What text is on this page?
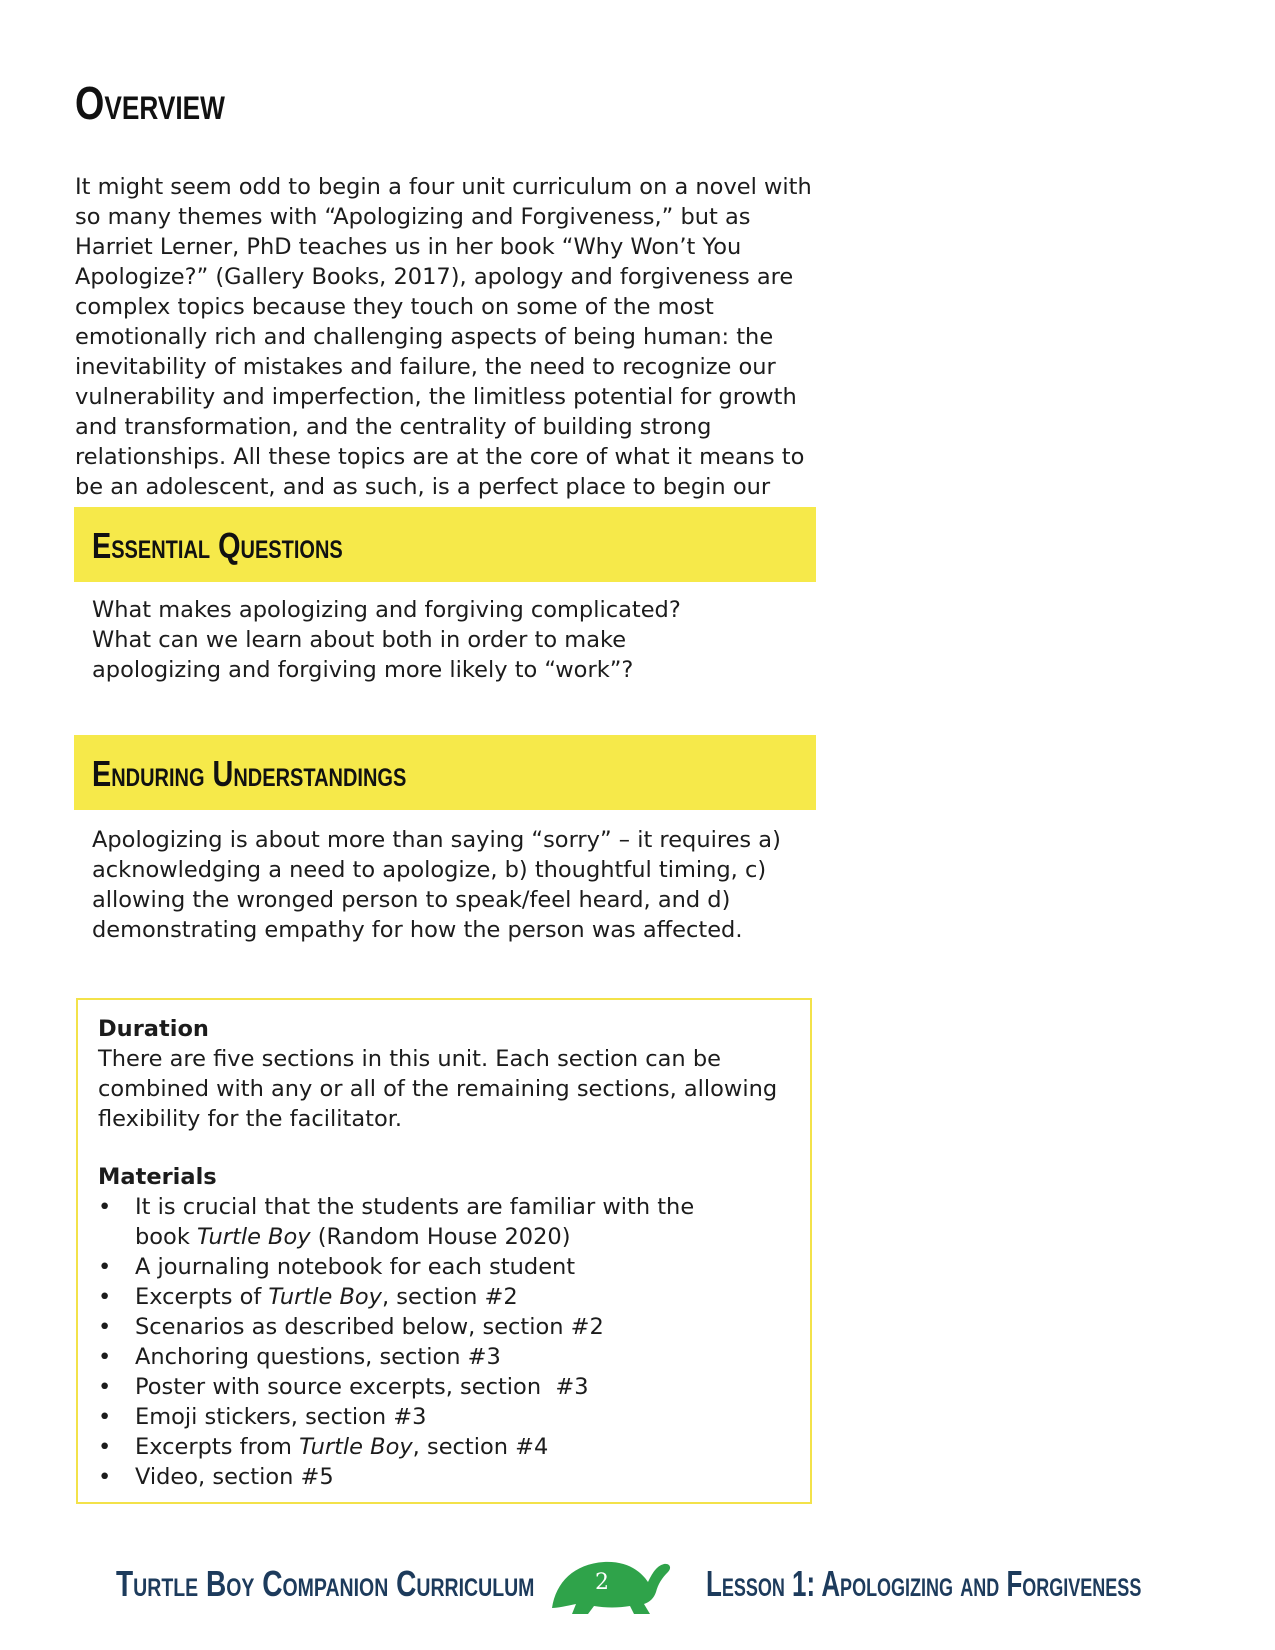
Overview

It might seem odd to begin a four unit curriculum on a novel with so many themes with “Apologizing and Forgiveness,” but as Harriet Lerner, PhD teaches us in her book “Why Won’t You Apologize?” (Gallery Books, 2017), apology and forgiveness are complex topics because they touch on some of the most emotionally rich and challenging aspects of being human: the inevitability of mistakes and failure, the need to recognize our vulnerability and imperfection, the limitless potential for growth and transformation, and the centrality of building strong relationships. All these topics are at the core of what it means to be an adolescent, and as such, is a perfect place to begin our

Essential Questions

What makes apologizing and forgiving complicated?

What can we learn about both in order to make apologizing and forgiving more likely to “work”?

Enduring Understandings

Apologizing is about more than saying “sorry” – it requires a) acknowledging a need to apologize, b) thoughtful timing, c) allowing the wronged person to speak/feel heard, and d) demonstrating empathy for how the person was affected.

Duration

There are five sections in this unit. Each section can be combined with any or all of the remaining sections, allowing flexibility for the facilitator.

Materials
• It is crucial that the students are familiar with the book Turtle Boy (Random House 2020)
• A journaling notebook for each student
• Excerpts of Turtle Boy, section #2
• Scenarios as described below, section #2
• Anchoring questions, section #3
• Poster with source excerpts, section  #3
• Emoji stickers, section #3
• Excerpts from Turtle Boy, section #4
• Video, section #5
Turtle Boy Companion Curriculum	2	Lesson 1: Apologizing and Forgiveness
